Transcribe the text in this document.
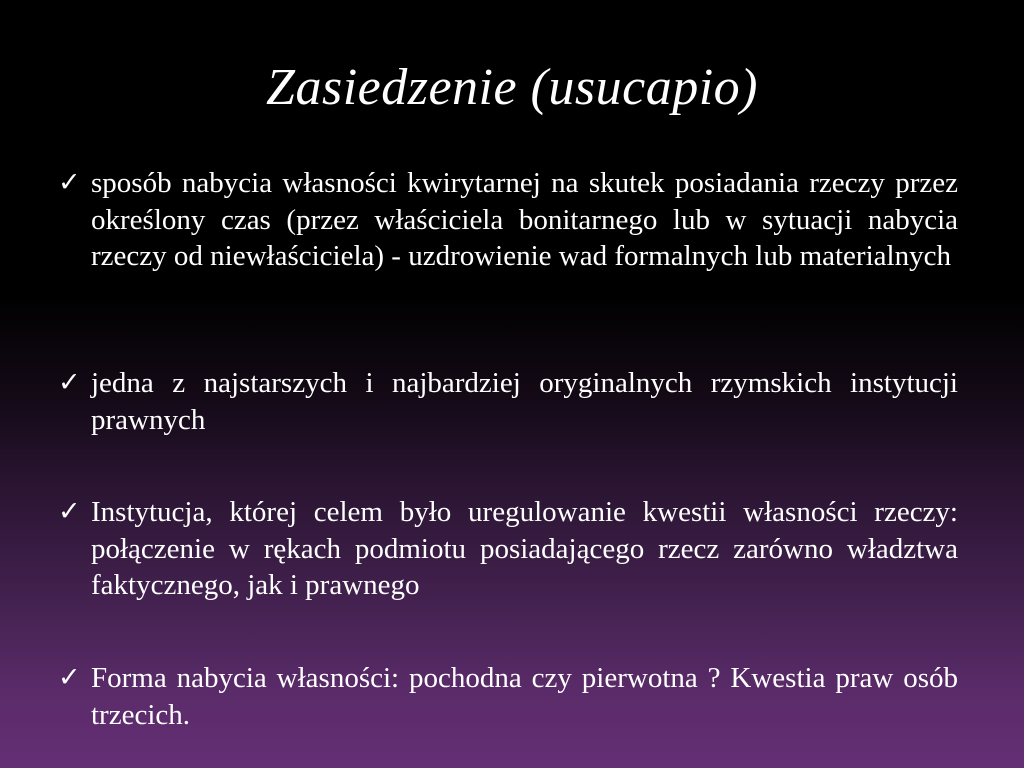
Zasiedzenie (usucapio)
✓ sposób nabycia własności kwirytarnej na skutek posiadania rzeczy przez określony czas (przez właściciela bonitarnego lub w sytuacji nabycia rzeczy od niewłaściciela) - uzdrowienie wad formalnych lub materialnych
✓ jedna z najstarszych i najbardziej oryginalnych rzymskich instytucji prawnych
✓ Instytucja, której celem było uregulowanie kwestii własności rzeczy: połączenie w rękach podmiotu posiadającego rzecz zarówno władztwa faktycznego, jak i prawnego
✓ Forma nabycia własności: pochodna czy pierwotna ? Kwestia praw osób trzecich.
